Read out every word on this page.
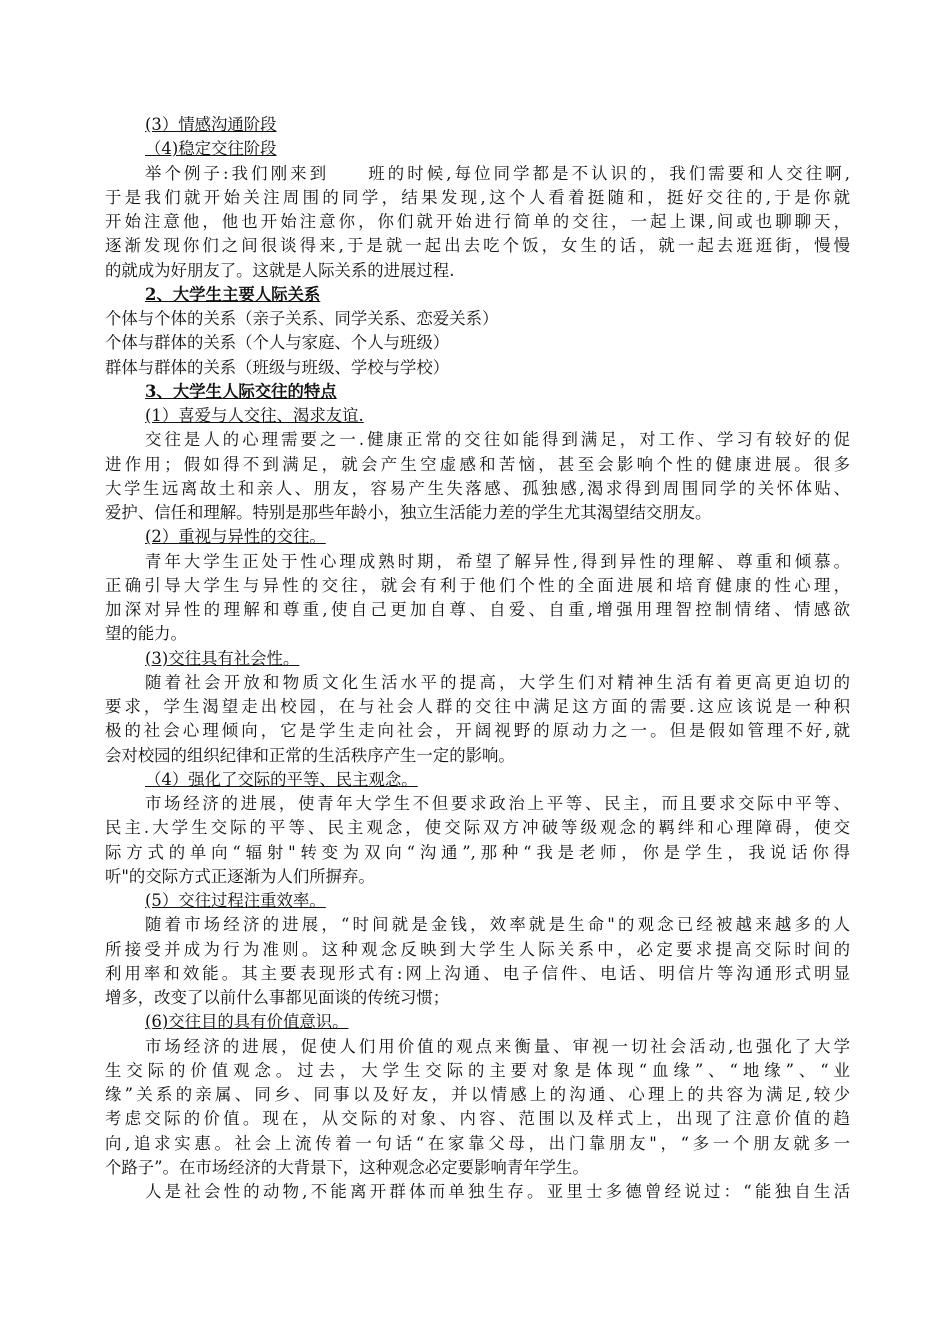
(3）情感沟通阶段
（4)稳定交往阶段
举个例子:我们刚来到　　班的时候,每位同学都是不认识的，我们需要和人交往啊,
于是我们就开始关注周围的同学，结果发现,这个人看着挺随和，挺好交往的,于是你就
开始注意他，他也开始注意你，你们就开始进行简单的交往，一起上课,间或也聊聊天，
逐渐发现你们之间很谈得来,于是就一起出去吃个饭，女生的话，就一起去逛逛街，慢慢
的就成为好朋友了。这就是人际关系的进展过程.
2、大学生主要人际关系
个体与个体的关系（亲子关系、同学关系、恋爱关系）
个体与群体的关系（个人与家庭、个人与班级）
群体与群体的关系（班级与班级、学校与学校）
3、大学生人际交往的特点
(1）喜爱与人交往、渴求友谊.
交往是人的心理需要之一.健康正常的交往如能得到满足，对工作、学习有较好的促
进作用；假如得不到满足，就会产生空虚感和苦恼，甚至会影响个性的健康进展。很多
大学生远离故土和亲人、朋友，容易产生失落感、孤独感,渴求得到周围同学的关怀体贴、
爱护、信任和理解。特别是那些年龄小，独立生活能力差的学生尤其渴望结交朋友。
(2）重视与异性的交往。
青年大学生正处于性心理成熟时期，希望了解异性,得到异性的理解、尊重和倾慕。
正确引导大学生与异性的交往，就会有利于他们个性的全面进展和培育健康的性心理，
加深对异性的理解和尊重,使自己更加自尊、自爱、自重,增强用理智控制情绪、情感欲
望的能力。
(3)交往具有社会性。
随着社会开放和物质文化生活水平的提高，大学生们对精神生活有着更高更迫切的
要求，学生渴望走出校园，在与社会人群的交往中满足这方面的需要.这应该说是一种积
极的社会心理倾向，它是学生走向社会，开阔视野的原动力之一。但是假如管理不好,就
会对校园的组织纪律和正常的生活秩序产生一定的影响。
（4）强化了交际的平等、民主观念。
市场经济的进展，使青年大学生不但要求政治上平等、民主，而且要求交际中平等、
民主.大学生交际的平等、民主观念，使交际双方冲破等级观念的羁绊和心理障碍，使交
际方式的单向“辐射"转变为双向“沟通”,那种“我是老师，你是学生，我说话你得
听"的交际方式正逐渐为人们所摒弃。
(5）交往过程注重效率。
随着市场经济的进展，“时间就是金钱，效率就是生命"的观念已经被越来越多的人
所接受并成为行为准则。这种观念反映到大学生人际关系中，必定要求提高交际时间的
利用率和效能。其主要表现形式有:网上沟通、电子信件、电话、明信片等沟通形式明显
增多，改变了以前什么事都见面谈的传统习惯；
(6)交往目的具有价值意识。
市场经济的进展，促使人们用价值的观点来衡量、审视一切社会活动,也强化了大学
生交际的价值观念。过去，大学生交际的主要对象是体现“血缘”、“地缘”、“业
缘”关系的亲属、同乡、同事以及好友，并以情感上的沟通、心理上的共容为满足,较少
考虑交际的价值。现在，从交际的对象、内容、范围以及样式上，出现了注意价值的趋
向,追求实惠。社会上流传着一句话“在家靠父母，出门靠朋友"，“多一个朋友就多一
个路子”。在市场经济的大背景下，这种观念必定要影响青年学生。
人是社会性的动物,不能离开群体而单独生存。亚里士多德曾经说过：“能独自生活
